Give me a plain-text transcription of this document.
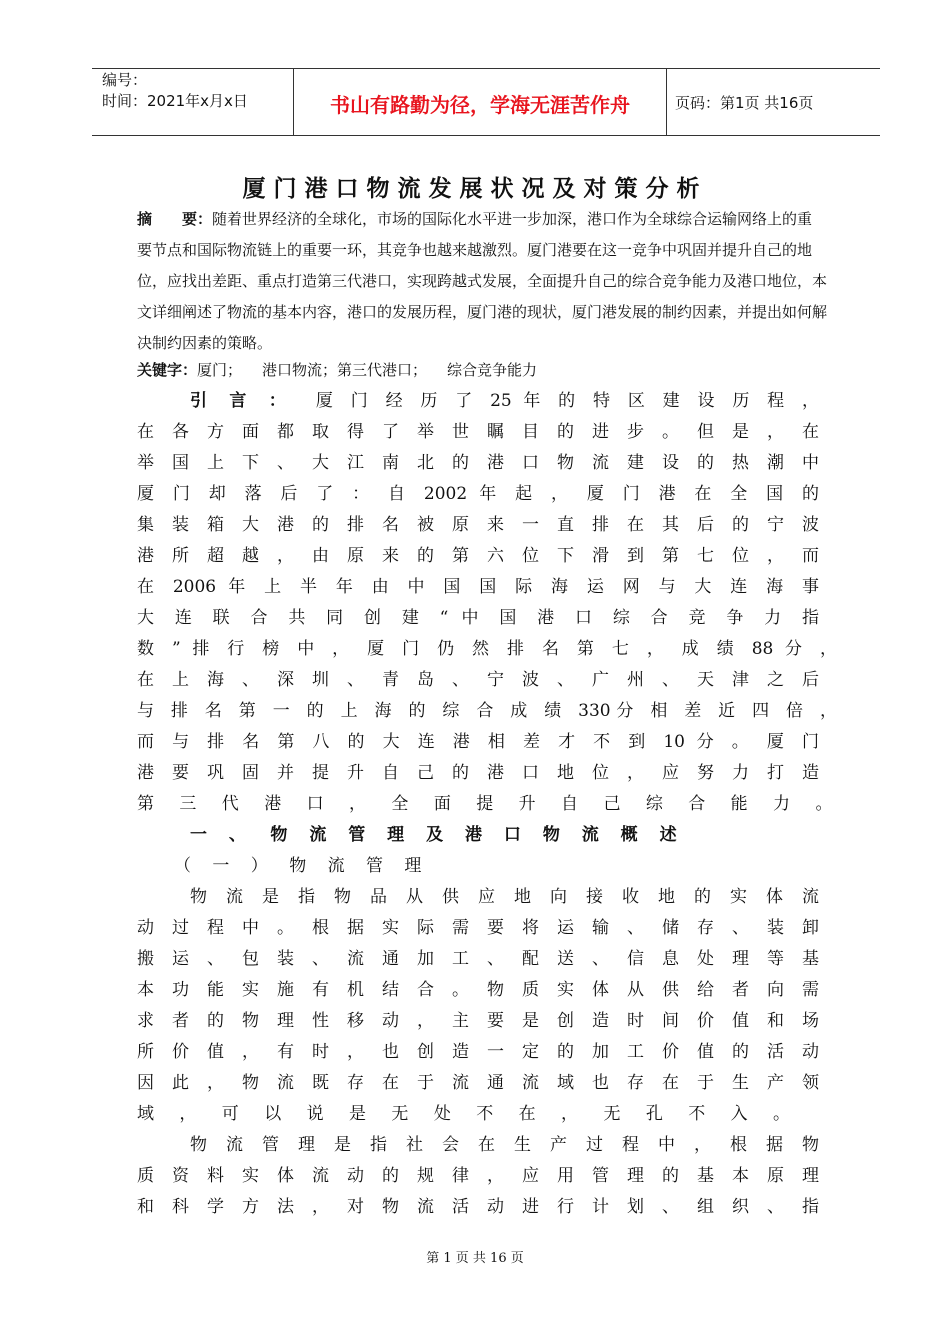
编号：
时间：2021年x月x日	书山有路勤为径，学海无涯苦作舟	页码：第1页 共16页
厦门港口物流发展状况及对策分析
摘　　要：随着世界经济的全球化，市场的国际化水平进一步加深，港口作为全球综合运输网络上的重要节点和国际物流链上的重要一环，其竞争也越来越激烈。厦门港要在这一竞争中巩固并提升自己的地位，应找出差距、重点打造第三代港口，实现跨越式发展，全面提升自己的综合竞争能力及港口地位，本文详细阐述了物流的基本内容，港口的发展历程，厦门港的现状，厦门港发展的制约因素，并提出如何解决制约因素的策略。
关键字：厦门； 港口物流；第三代港口； 综合竞争能力
引 言 ： 厦 门 经 历 了 25 年 的 特 区 建 设 历 程 ，
在 各 方 面 都 取 得 了 举 世 瞩 目 的 进 步 。 但 是 ， 在
举 国 上 下 、 大 江 南 北 的 港 口 物 流 建 设 的 热 潮 中
厦 门 却 落 后 了 ： 自 2002 年 起 ， 厦 门 港 在 全 国 的
集 装 箱 大 港 的 排 名 被 原 来 一 直 排 在 其 后 的 宁 波
港 所 超 越 ， 由 原 来 的 第 六 位 下 滑 到 第 七 位 ， 而
在 2006 年 上 半 年 由 中 国 国 际 海 运 网 与 大 连 海 事
大 连 联 合 共 同 创 建 “ 中 国 港 口 综 合 竞 争 力 指
数 ” 排 行 榜 中 ， 厦 门 仍 然 排 名 第 七 ， 成 绩 88 分 ，
在 上 海 、 深 圳 、 青 岛 、 宁 波 、 广 州 、 天 津 之 后
与 排 名 第 一 的 上 海 的 综 合 成 绩 330分 相 差 近 四 倍 ，
而 与 排 名 第 八 的 大 连 港 相 差 才 不 到 10 分 。 厦 门
港 要 巩 固 并 提 升 自 己 的 港 口 地 位 ， 应 努 力 打 造
第 三 代 港 口 ， 全 面 提 升 自 己 综 合 能 力 。
一 、　物 流 管 理 及 港 口 物 流 概 述
（ 一 ） 物 流 管 理
物 流 是 指 物 品 从 供 应 地 向 接 收 地 的 实 体 流
动 过 程 中 。 根 据 实 际 需 要 将 运 输 、 储 存 、 装 卸
搬 运 、 包 装 、 流 通 加 工 、 配 送 、 信 息 处 理 等 基
本 功 能 实 施 有 机 结 合 。 物 质 实 体 从 供 给 者 向 需
求 者 的 物 理 性 移 动 ， 主 要 是 创 造 时 间 价 值 和 场
所 价 值 ， 有 时 ， 也 创 造 一 定 的 加 工 价 值 的 活 动
因 此 ， 物 流 既 存 在 于 流 通 流 域 也 存 在 于 生 产 领
域 ， 可 以 说 是 无 处 不 在 ， 无 孔 不 入 。
物 流 管 理 是 指 社 会 在 生 产 过 程 中 ， 根 据 物
质 资 料 实 体 流 动 的 规 律 ， 应 用 管 理 的 基 本 原 理
和 科 学 方 法 ， 对 物 流 活 动 进 行 计 划 、 组 织 、 指
第 1 页 共 16 页
